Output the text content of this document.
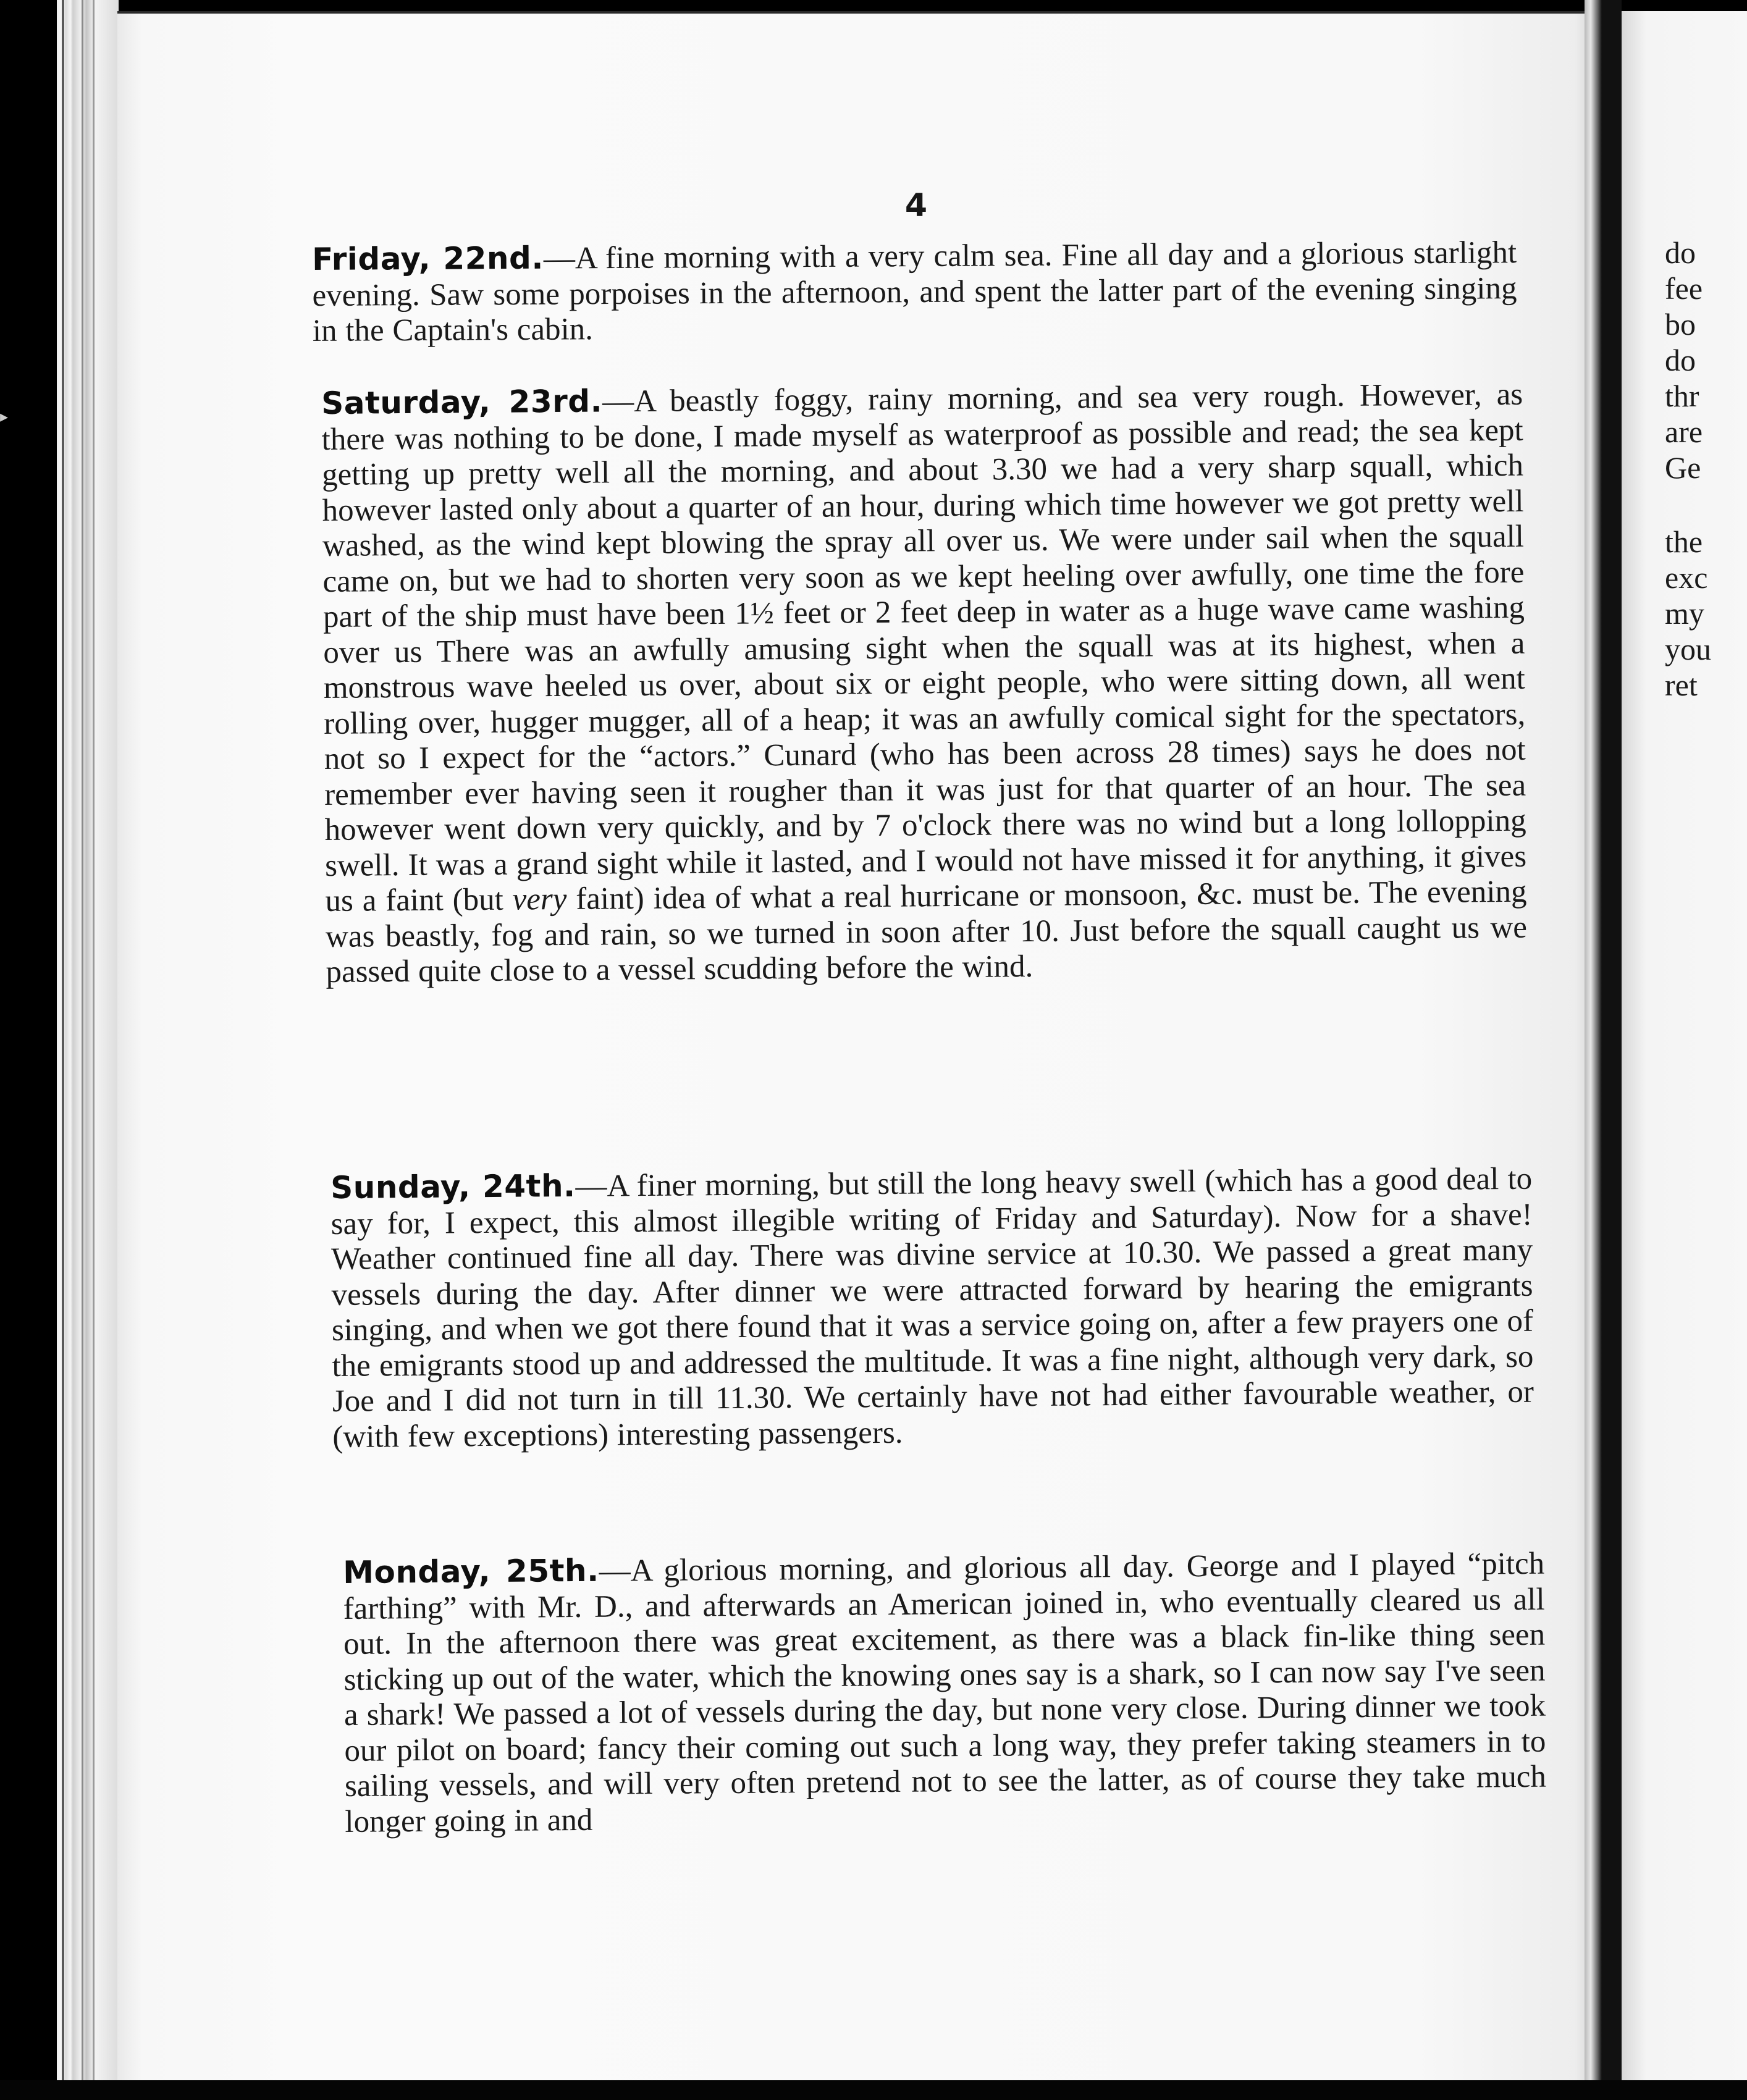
do
fee
bo
do
thr
are
Ge
the
exc
my
you
ret
▸
4

Friday, 22nd.—A fine morning with a very calm sea. Fine all day and a glorious starlight evening. Saw some porpoises in the afternoon, and spent the latter part of the evening singing in the Captain's cabin.

Saturday, 23rd.—A beastly foggy, rainy morning, and sea very rough. However, as there was nothing to be done, I made myself as waterproof as possible and read; the sea kept getting up pretty well all the morning, and about 3.30 we had a very sharp squall, which however lasted only about a quarter of an hour, during which time however we got pretty well washed, as the wind kept blowing the spray all over us. We were under sail when the squall came on, but we had to shorten very soon as we kept heeling over awfully, one time the fore part of the ship must have been 1½ feet or 2 feet deep in water as a huge wave came washing over us There was an awfully amusing sight when the squall was at its highest, when a monstrous wave heeled us over, about six or eight people, who were sitting down, all went rolling over, hugger mugger, all of a heap; it was an awfully comical sight for the spectators, not so I expect for the “actors.” Cunard (who has been across 28 times) says he does not remember ever having seen it rougher than it was just for that quarter of an hour. The sea however went down very quickly, and by 7 o'clock there was no wind but a long lollopping swell. It was a grand sight while it lasted, and I would not have missed it for anything, it gives us a faint (but very faint) idea of what a real hurricane or monsoon, &c. must be. The evening was beastly, fog and rain, so we turned in soon after 10. Just before the squall caught us we passed quite close to a vessel scudding before the wind.

Sunday, 24th.—A finer morning, but still the long heavy swell (which has a good deal to say for, I expect, this almost illegible writing of Friday and Saturday). Now for a shave! Weather continued fine all day. There was divine service at 10.30. We passed a great many vessels during the day. After dinner we were attracted forward by hearing the emigrants singing, and when we got there found that it was a service going on, after a few prayers one of the emigrants stood up and addressed the multitude. It was a fine night, although very dark, so Joe and I did not turn in till 11.30. We certainly have not had either favourable weather, or (with few exceptions) interesting passengers.

Monday, 25th.—A glorious morning, and glorious all day. George and I played “pitch farthing” with Mr. D., and afterwards an American joined in, who eventually cleared us all out. In the afternoon there was great excitement, as there was a black fin-like thing seen sticking up out of the water, which the knowing ones say is a shark, so I can now say I've seen a shark! We passed a lot of vessels during the day, but none very close. During dinner we took our pilot on board; fancy their coming out such a long way, they prefer taking steamers in to sailing vessels, and will very often pretend not to see the latter, as of course they take much longer going in and
